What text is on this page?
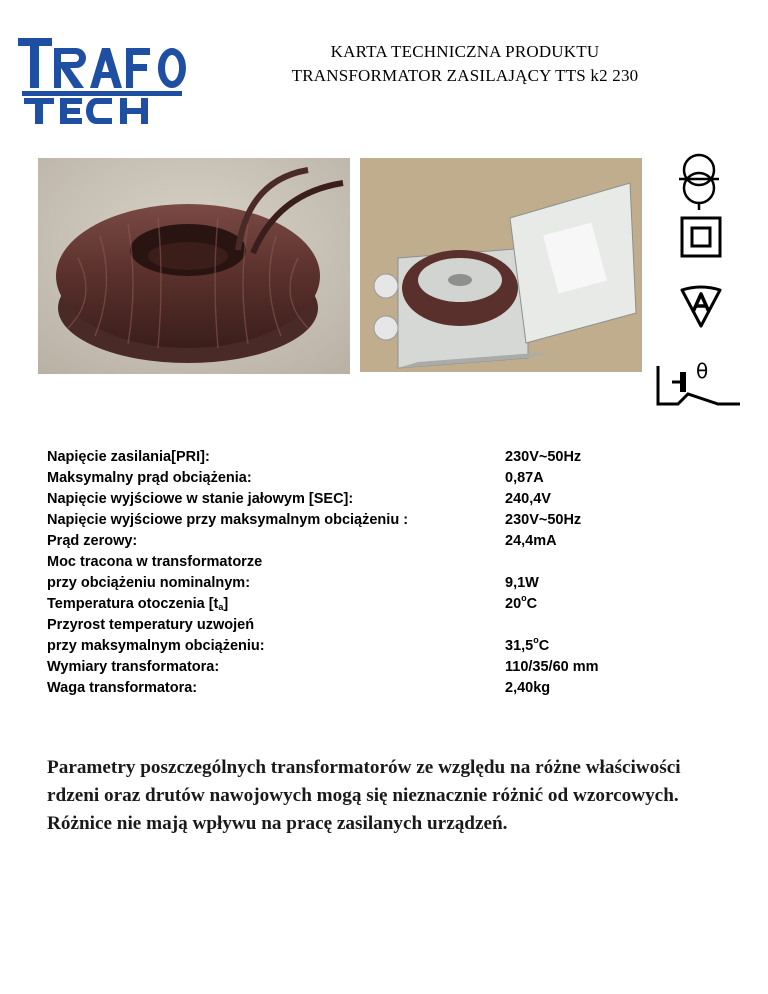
TRAFO
KARTA TECHNICZNA PRODUKTU
TRANSFORMATOR ZASILAJĄCY TTS k2 230
θ
Napięcie zasilania[PRI]:	230V~50Hz
Maksymalny prąd obciążenia:	0,87A
Napięcie wyjściowe w stanie jałowym [SEC]:	240,4V
Napięcie wyjściowe przy maksymalnym obciążeniu :	230V~50Hz
Prąd zerowy:	24,4mA
Moc tracona w transformatorze
przy obciążeniu nominalnym:	9,1W
Temperatura otoczenia $[t_a]$	20$^o$C
Przyrost temperatury uzwojeń
przy maksymalnym obciążeniu:	31,5$^o$C
Wymiary transformatora:	110/35/60 mm
Waga transformatora:	2,40kg
Parametry poszczególnych transformatorów ze względu na różne właściwości rdzeni oraz drutów nawojowych mogą się nieznacznie różnić od wzorcowych. Różnice nie mają wpływu na pracę zasilanych urządzeń.
